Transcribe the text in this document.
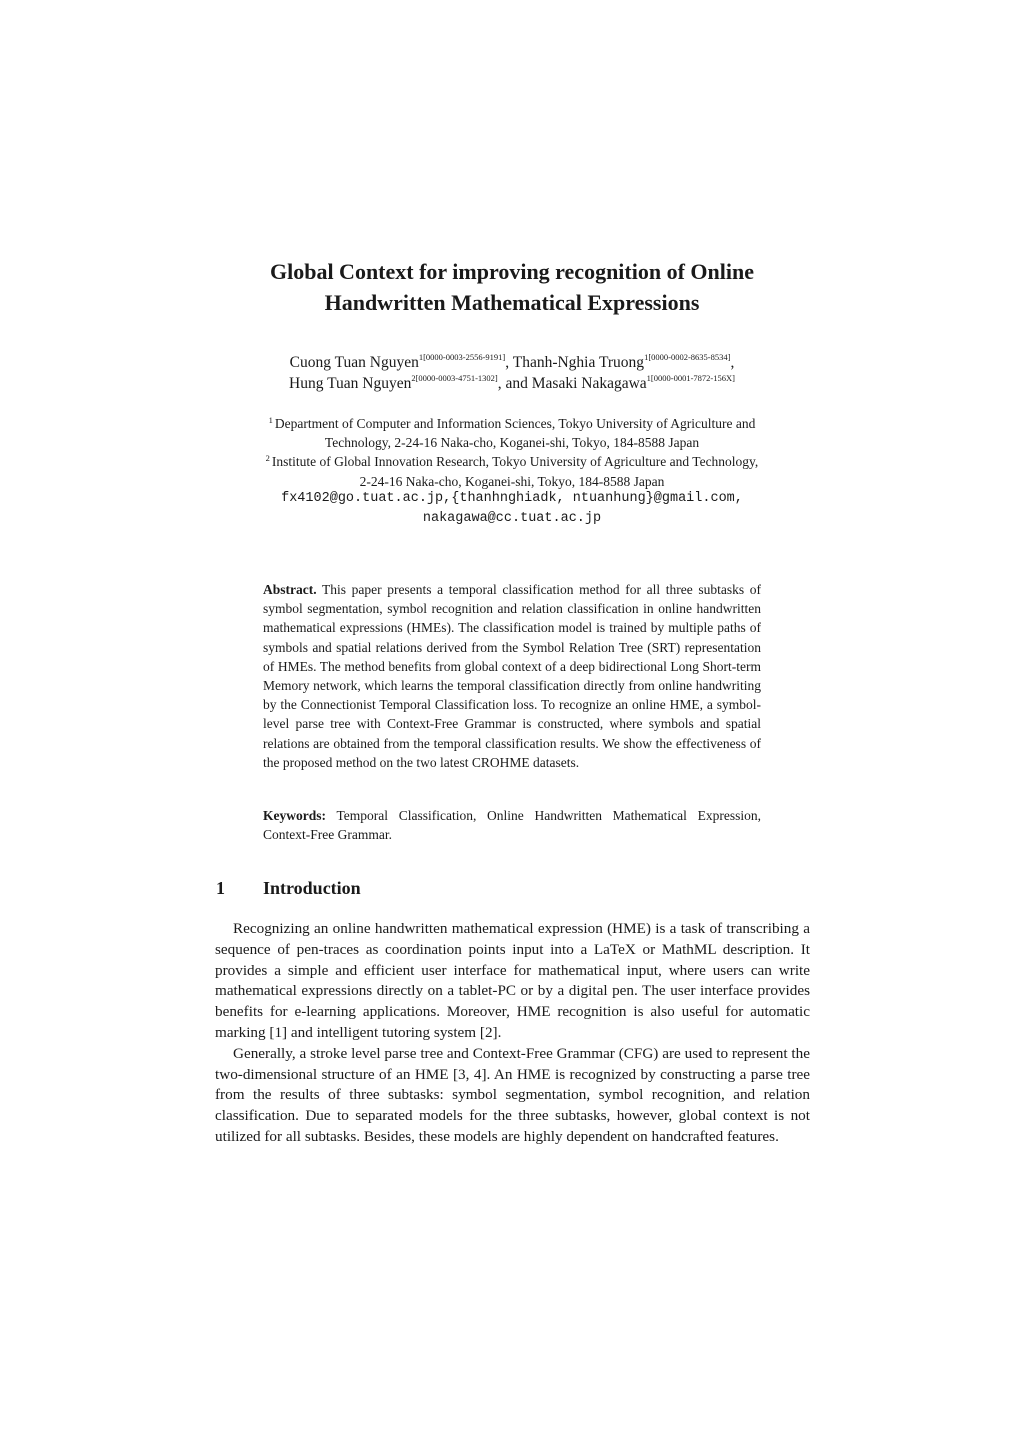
Global Context for improving recognition of Online
Handwritten Mathematical Expressions
Cuong Tuan Nguyen$^{1[0000-0003-2556-9191]}$, Thanh-Nghia Truong$^{1[0000-0002-8635-8534]}$,
Hung Tuan Nguyen$^{2[0000-0003-4751-1302]}$, and Masaki Nakagawa$^{1[0000-0001-7872-156X]}$
$^1$ Department of Computer and Information Sciences, Tokyo University of Agriculture and
Technology, 2-24-16 Naka-cho, Koganei-shi, Tokyo, 184-8588 Japan
$^2$ Institute of Global Innovation Research, Tokyo University of Agriculture and Technology,
2-24-16 Naka-cho, Koganei-shi, Tokyo, 184-8588 Japan
fx4102@go.tuat.ac.jp,{thanhnghiadk, ntuanhung}@gmail.com,
nakagawa@cc.tuat.ac.jp
Abstract. This paper presents a temporal classification method for all three subtasks of symbol segmentation, symbol recognition and relation classification in online handwritten mathematical expressions (HMEs). The classification model is trained by multiple paths of symbols and spatial relations derived from the Symbol Relation Tree (SRT) representation of HMEs. The method benefits from global context of a deep bidirectional Long Short-term Memory network, which learns the temporal classification directly from online handwriting by the Connectionist Temporal Classification loss. To recognize an online HME, a symbol-level parse tree with Context-Free Grammar is constructed, where symbols and spatial relations are obtained from the temporal classification results. We show the effectiveness of the proposed method on the two latest CROHME datasets.
Keywords: Temporal Classification, Online Handwritten Mathematical Expression, Context-Free Grammar.
1 Introduction

Recognizing an online handwritten mathematical expression (HME) is a task of transcribing a sequence of pen-traces as coordination points input into a LaTeX or MathML description. It provides a simple and efficient user interface for mathematical input, where users can write mathematical expressions directly on a tablet-PC or by a digital pen. The user interface provides benefits for e-learning applications. Moreover, HME recognition is also useful for automatic marking [1] and intelligent tutoring system [2].

Generally, a stroke level parse tree and Context-Free Grammar (CFG) are used to represent the two-dimensional structure of an HME [3, 4]. An HME is recognized by constructing a parse tree from the results of three subtasks: symbol segmentation, symbol recognition, and relation classification. Due to separated models for the three subtasks, however, global context is not utilized for all subtasks. Besides, these models are highly dependent on handcrafted features.
